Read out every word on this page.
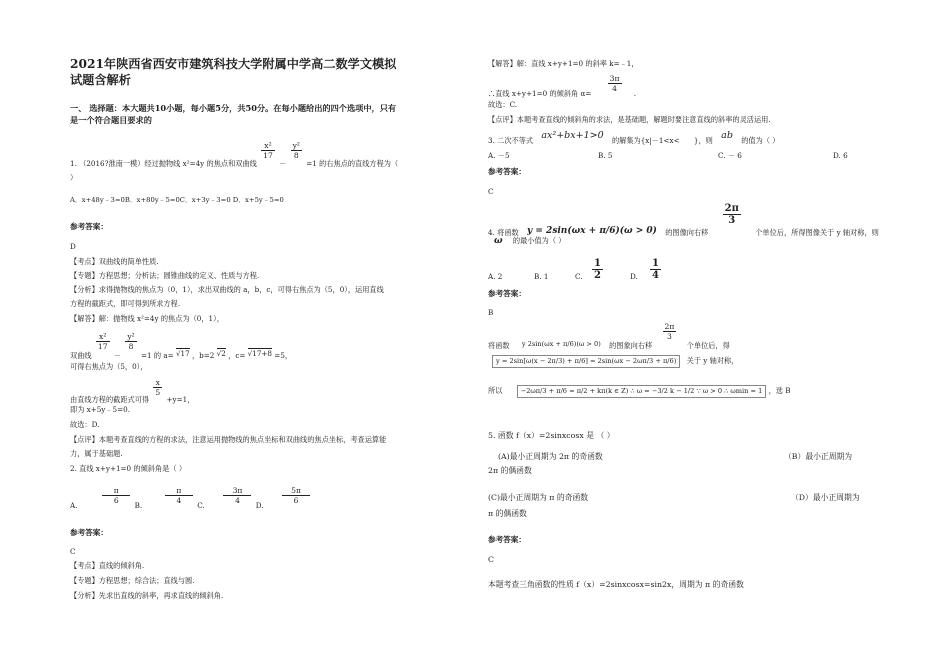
2021年陕西省西安市建筑科技大学附属中学高二数学文模拟
试题含解析
一、 选择题：本大题共10小题，每小题5分，共50分。在每小题给出的四个选项中，只有
是一个符合题目要求的
1. （2016?淮南一模）经过抛物线 x²=4y 的焦点和双曲线
$\frac{\text{x²}}{17}$
－
$\frac{\text{y²}}{8}$
=1 的右焦点的直线方程为（
）
A．x+48y﹣3=0B．x+80y﹣5=0C．x+3y﹣3=0 D．x+5y﹣5=0
参考答案：
D
【考点】双曲线的简单性质.
【专题】方程思想；分析法；圆锥曲线的定义、性质与方程.
【分析】求得抛物线的焦点为（0，1），求出双曲线的 a，b，c，可得右焦点为（5，0），运用直线
方程的截距式，即可得到所求方程.
【解答】解：抛物线 x²=4y 的焦点为（0，1），
双曲线
$\frac{\text{x²}}{17}$
－
$\frac{\text{y²}}{8}$
=1 的 a= √17 ，b=2 √2 ，c= √17+8 =5，
可得右焦点为（5，0），
由直线方程的截距式可得
$\frac{x}{5}$
+y=1，
即为 x+5y﹣5=0.
故选：D.
【点评】本题考查直线的方程的求法，注意运用抛物线的焦点坐标和双曲线的焦点坐标，考查运算能
力，属于基础题.
2. 直线 x+y+1=0 的倾斜角是（ ）
A.	$\frac{\pi}{6} B$.	$\frac{\pi}{4} C$. $\frac{3\pi}{4} D$. $\frac{5\pi}{6}$
参考答案：
C
【考点】直线的倾斜角.
【专题】方程思想；综合法；直线与圆.
【分析】先求出直线的斜率，再求直线的倾斜角.
【解答】解：直线 x+y+1=0 的斜率 k=﹣1，
∴直线 x+y+1=0 的倾斜角 $\alpha= \frac{3\pi}{4}$ .
故选：C.
【点评】本题考查直线的倾斜角的求法，是基础题，解题时要注意直线的斜率的灵活运用.
3. 二次不等式 ax²+bx+1>0 的解集为{x|－1<x< }，则 ab 的值为（ ）
A. －5	B. 5	C. － 6	D. 6
参考答案：
C
4. 将函数 y = 2sin(ωx + π/6)(ω > 0) 的图像向右移
$\frac{2\pi}{3}$
个单位后，所得图像关于 y 轴对称，则
ω 的最小值为（ ）
A. 2	B. 1	C. $\frac{1}{2}$	D. $\frac{1}{4}$
参考答案：
B
将函数 y 2sin(ωx + π/6)(ω > 0) 的图象向右移
$\frac{2\pi}{3}$
个单位后，得
y = 2sin[ω(x − 2π/3) + π/6] = 2sin(ωx − 2ωπ/3 + π/6) 关于 y 轴对称，
所以	−2ωπ/3 + π/6 = π/2 + kπ(k ∈ Z) ∴ ω = −3/2 k − 1/2 ∵ ω > 0 ∴ ωmin = 1 ，选 B
5. 函数 f（x）=2sinxcosx 是 （ ）
(A)最小正周期为 2π 的奇函数	（B）最小正周期为
2π 的偶函数
(C)最小正周期为 π 的奇函数	（D）最小正周期为
π 的偶函数
参考答案：
C
本题考查三角函数的性质 f（x）=2sinxcosx=sin2x，周期为 π 的奇函数
